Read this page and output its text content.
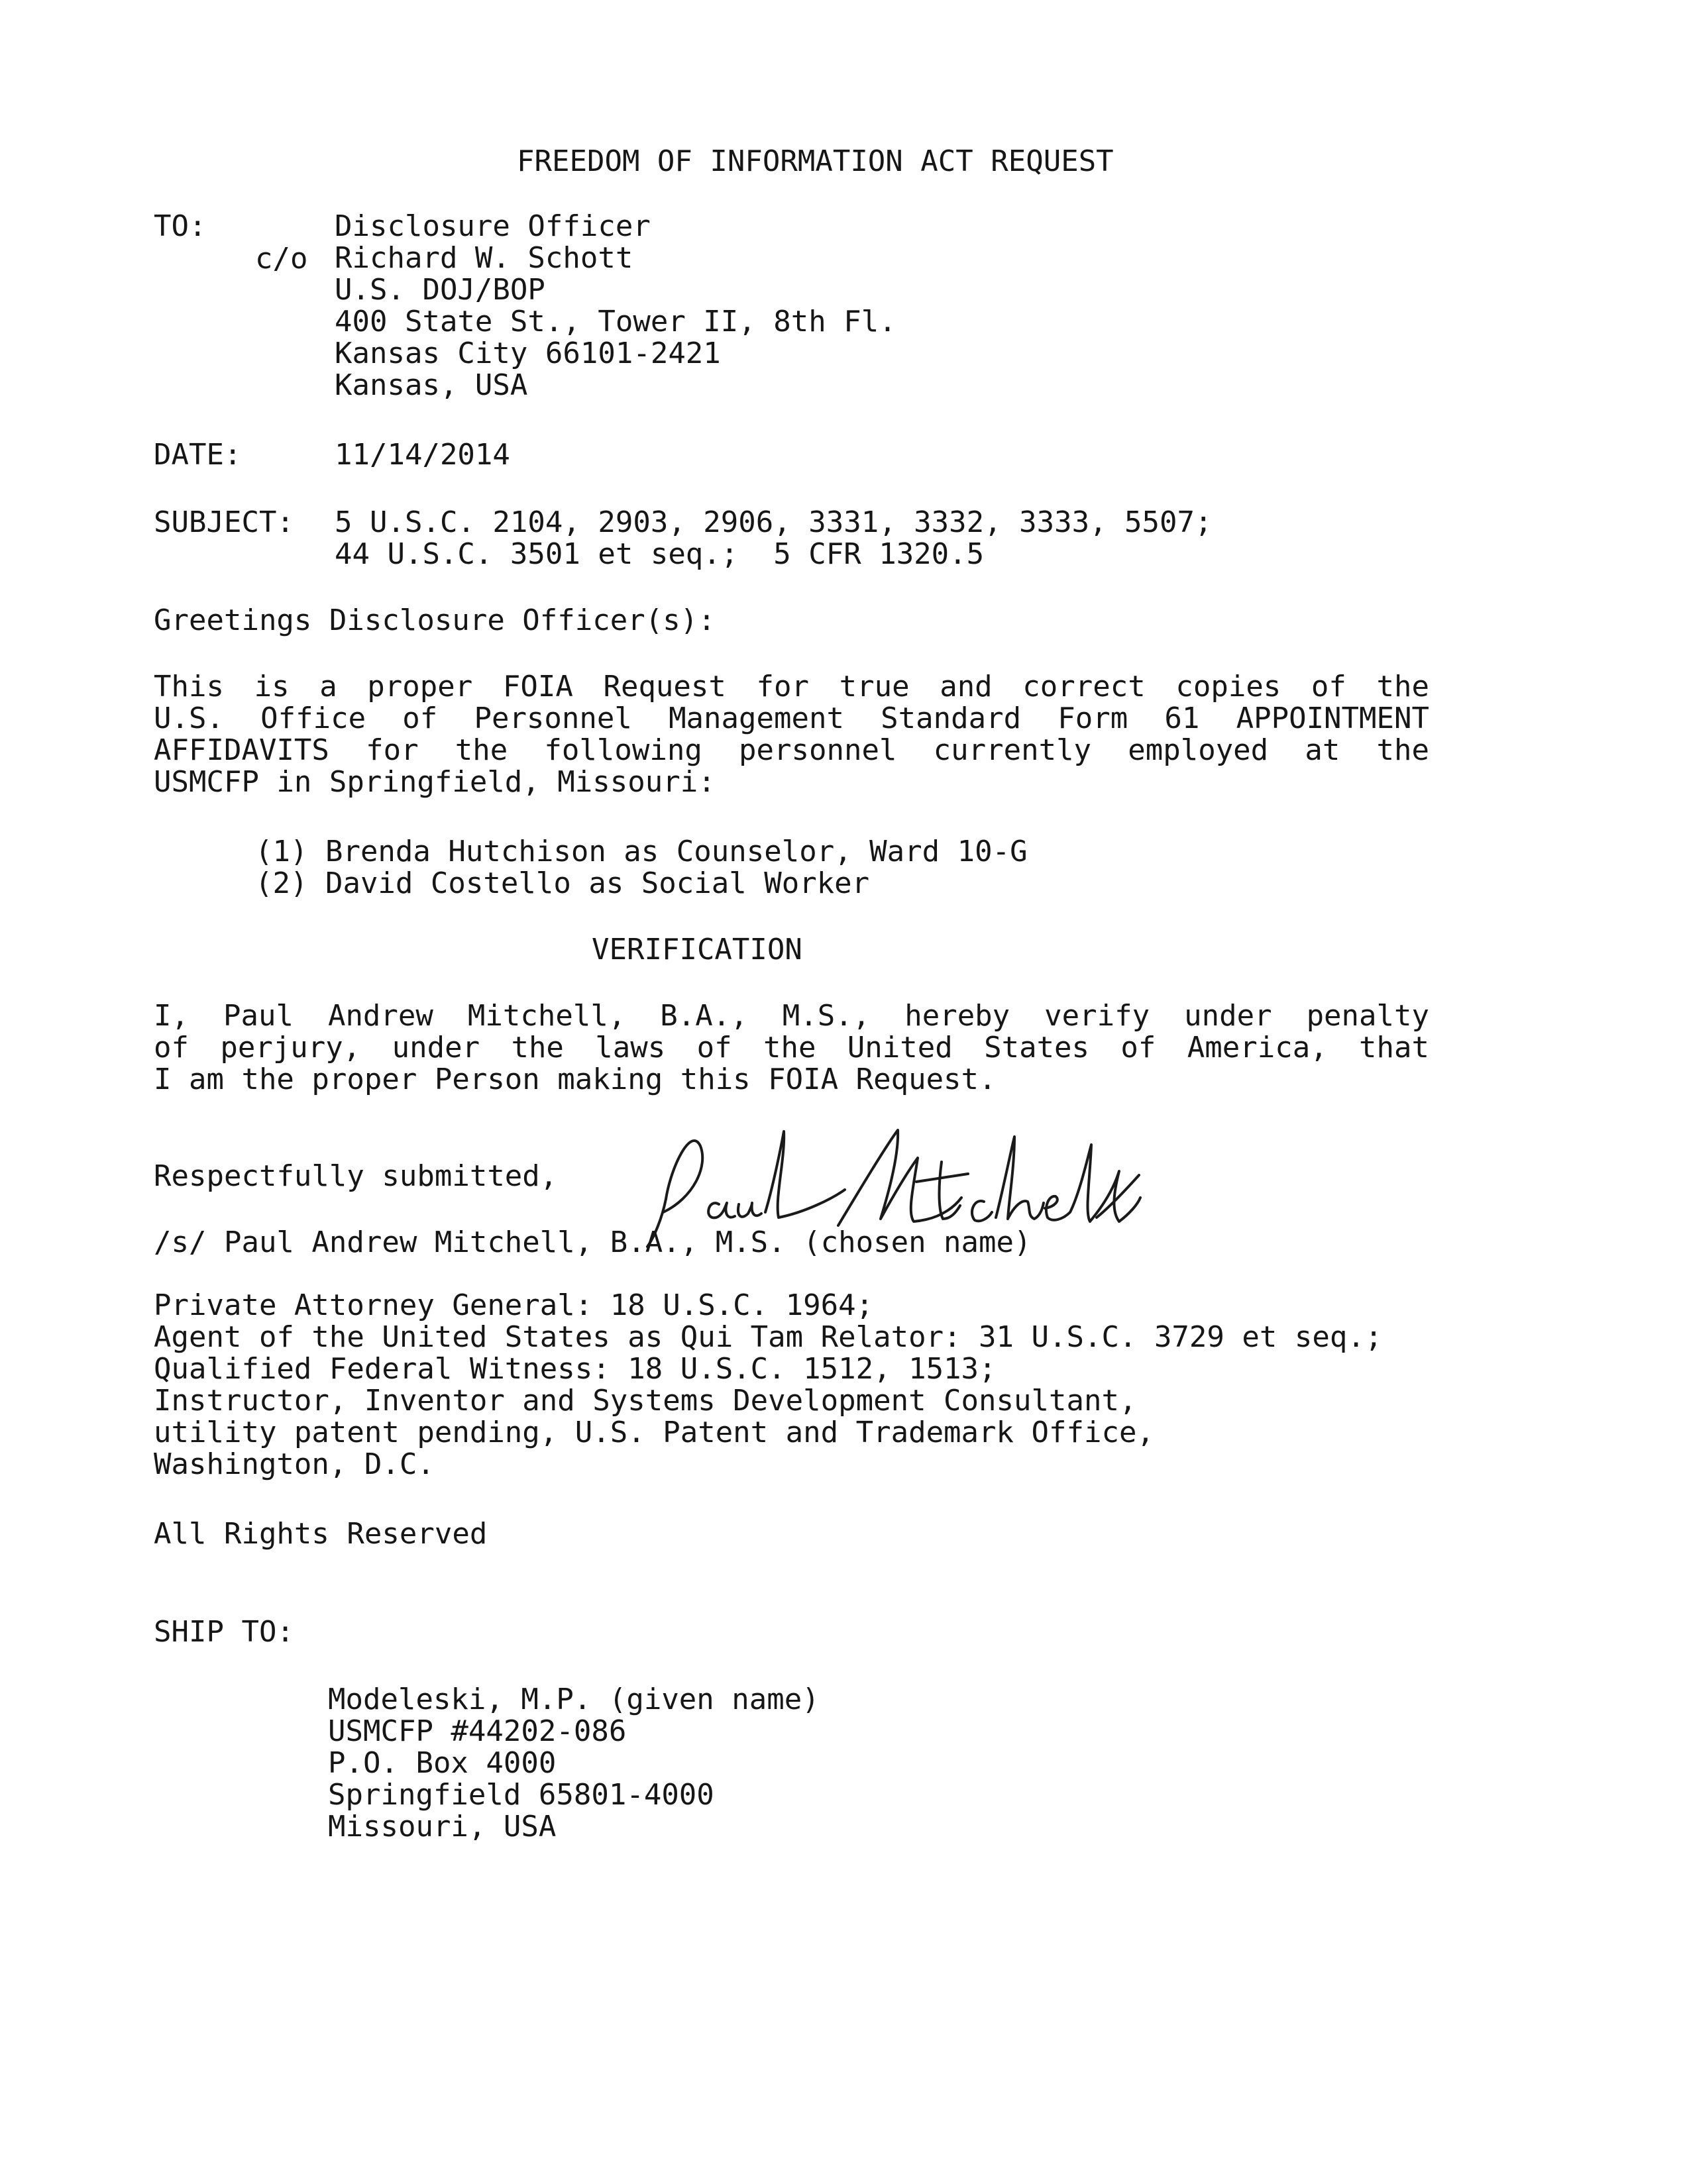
FREEDOM OF INFORMATION ACT REQUEST
TO:
c/o
Disclosure Officer
Richard W. Schott
U.S. DOJ/BOP
400 State St., Tower II, 8th Fl.
Kansas City 66101-2421
Kansas, USA
DATE:	11/14/2014
SUBJECT: 5 U.S.C. 2104, 2903, 2906, 3331, 3332, 3333, 5507;
44 U.S.C. 3501 et seq.;  5 CFR 1320.5
Greetings Disclosure Officer(s):
This is a proper FOIA Request for true and correct copies of the
U.S. Office of Personnel Management Standard Form 61 APPOINTMENT
AFFIDAVITS for the following personnel currently employed at the
USMCFP in Springfield, Missouri:
(1) Brenda Hutchison as Counselor, Ward 10-G
(2) David Costello as Social Worker
VERIFICATION
I, Paul Andrew Mitchell, B.A., M.S., hereby verify under penalty
of perjury, under the laws of the United States of America, that
I am the proper Person making this FOIA Request.
Respectfully submitted,
/s/ Paul Andrew Mitchell, B.A., M.S. (chosen name)
Private Attorney General: 18 U.S.C. 1964;
Agent of the United States as Qui Tam Relator: 31 U.S.C. 3729 et seq.;
Qualified Federal Witness: 18 U.S.C. 1512, 1513;
Instructor, Inventor and Systems Development Consultant,
utility patent pending, U.S. Patent and Trademark Office,
Washington, D.C.
All Rights Reserved
SHIP TO:
Modeleski, M.P. (given name)
USMCFP #44202-086
P.O. Box 4000
Springfield 65801-4000
Missouri, USA
